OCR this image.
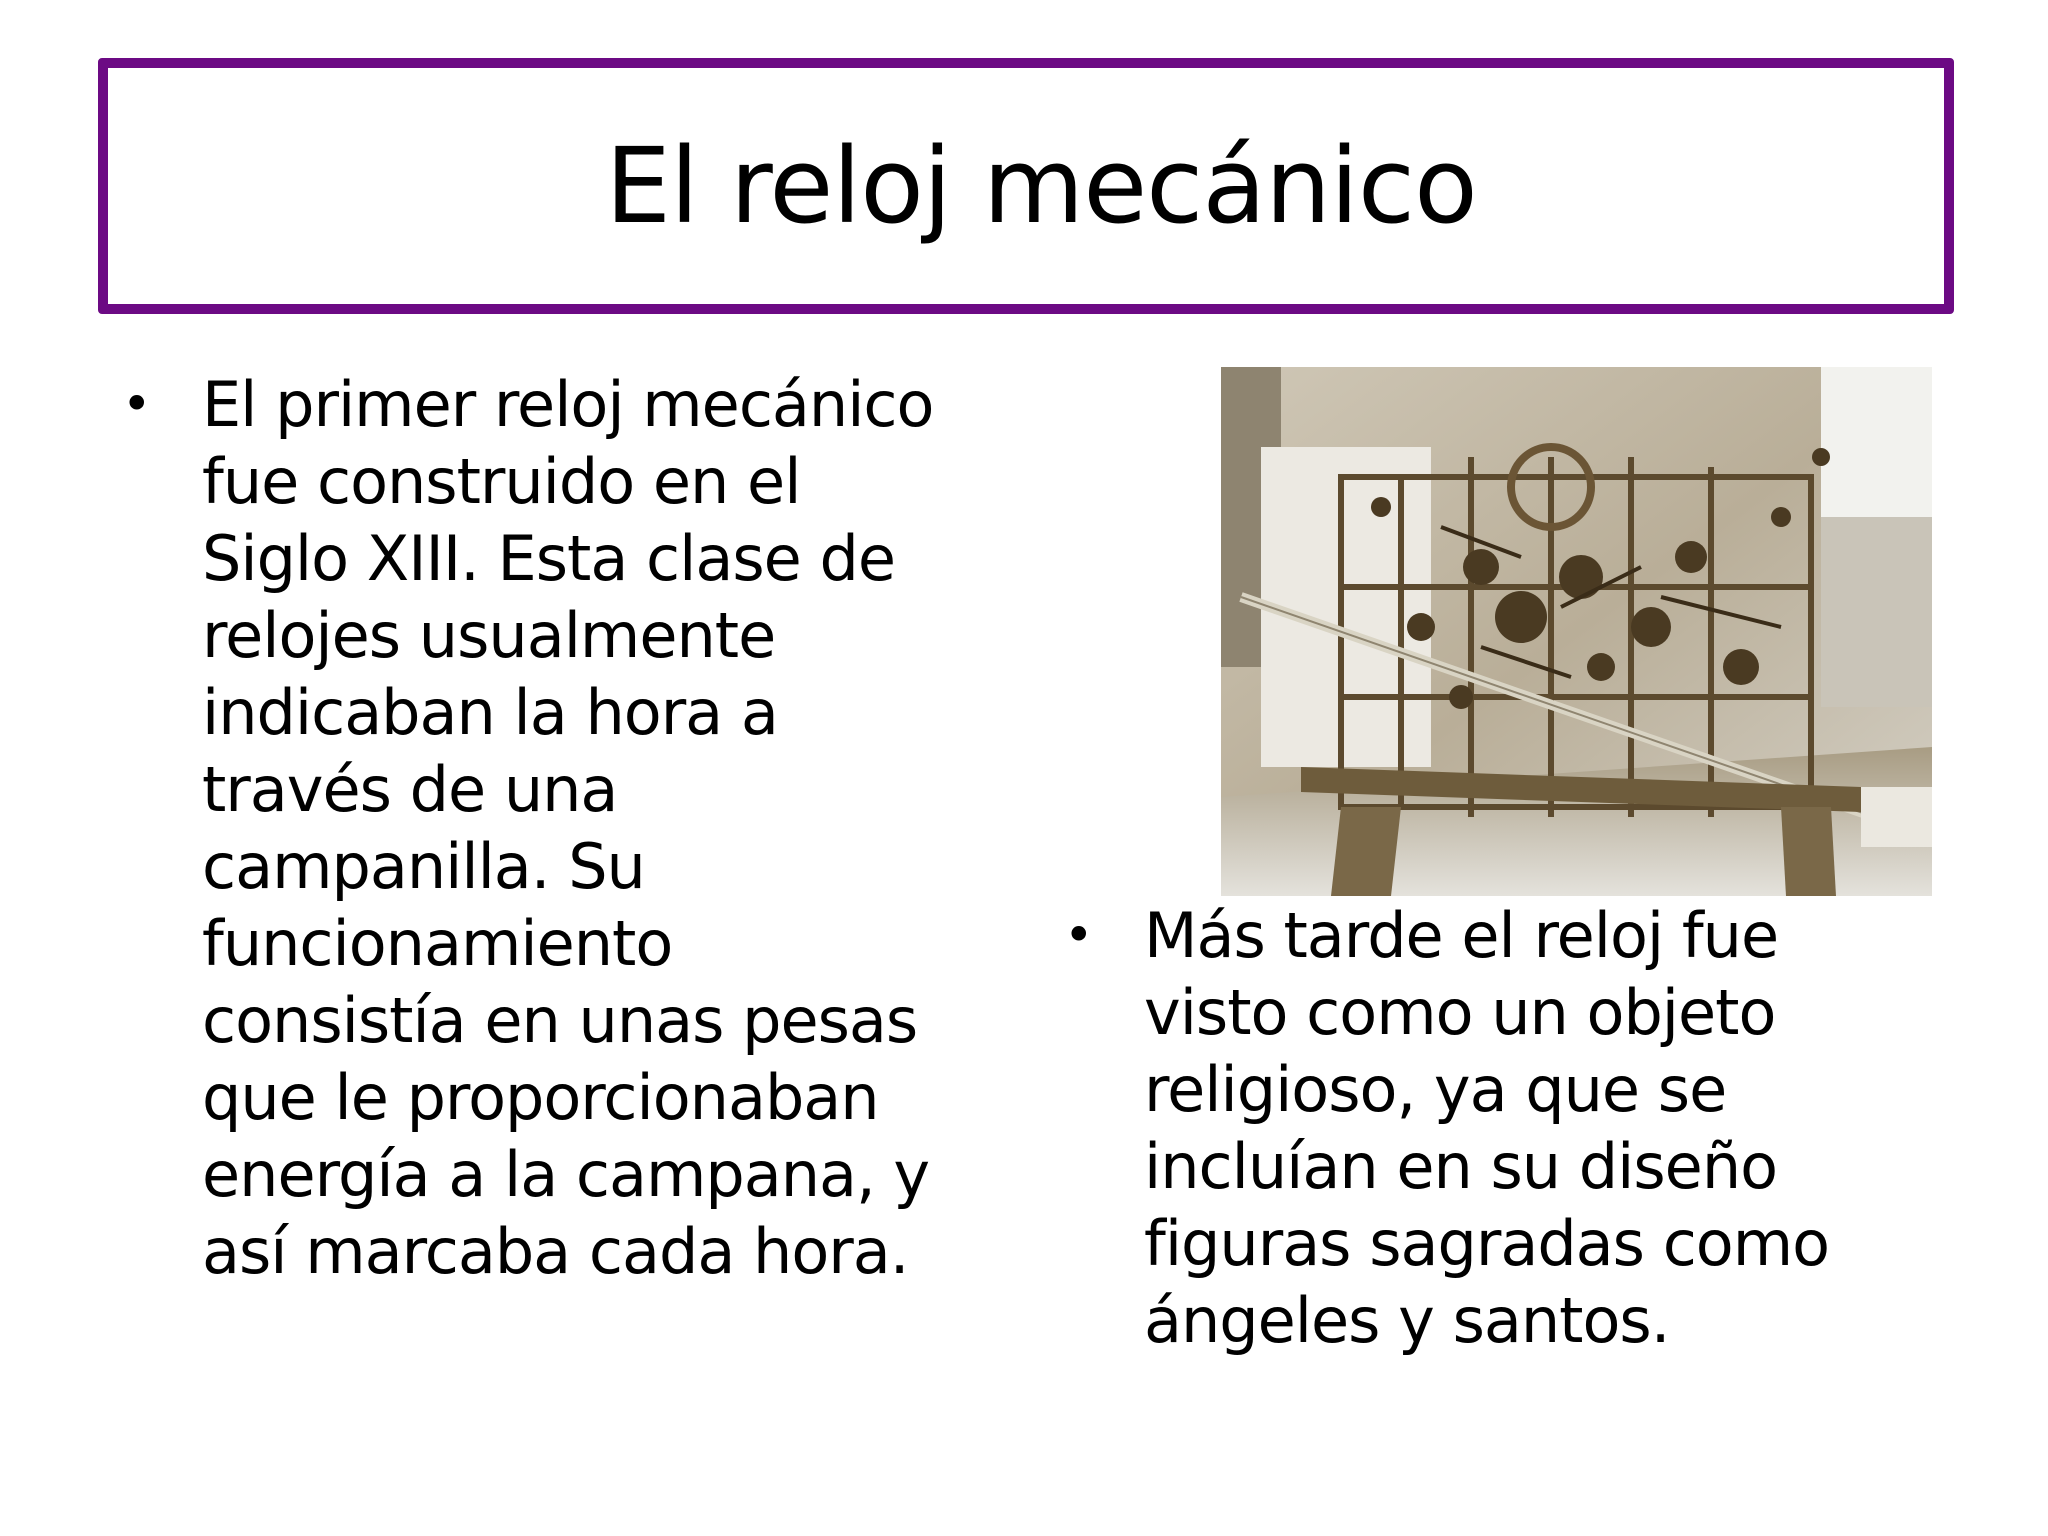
El reloj mecánico
• El primer reloj mecánico
fue construido en el
Siglo XIII. Esta clase de
relojes usualmente
indicaban la hora a
través de una
campanilla. Su
funcionamiento
consistía en unas pesas
que le proporcionaban
energía a la campana, y
así marcaba cada hora.
• Más tarde el reloj fue
visto como un objeto
religioso, ya que se
incluían en su diseño
figuras sagradas como
ángeles y santos.
